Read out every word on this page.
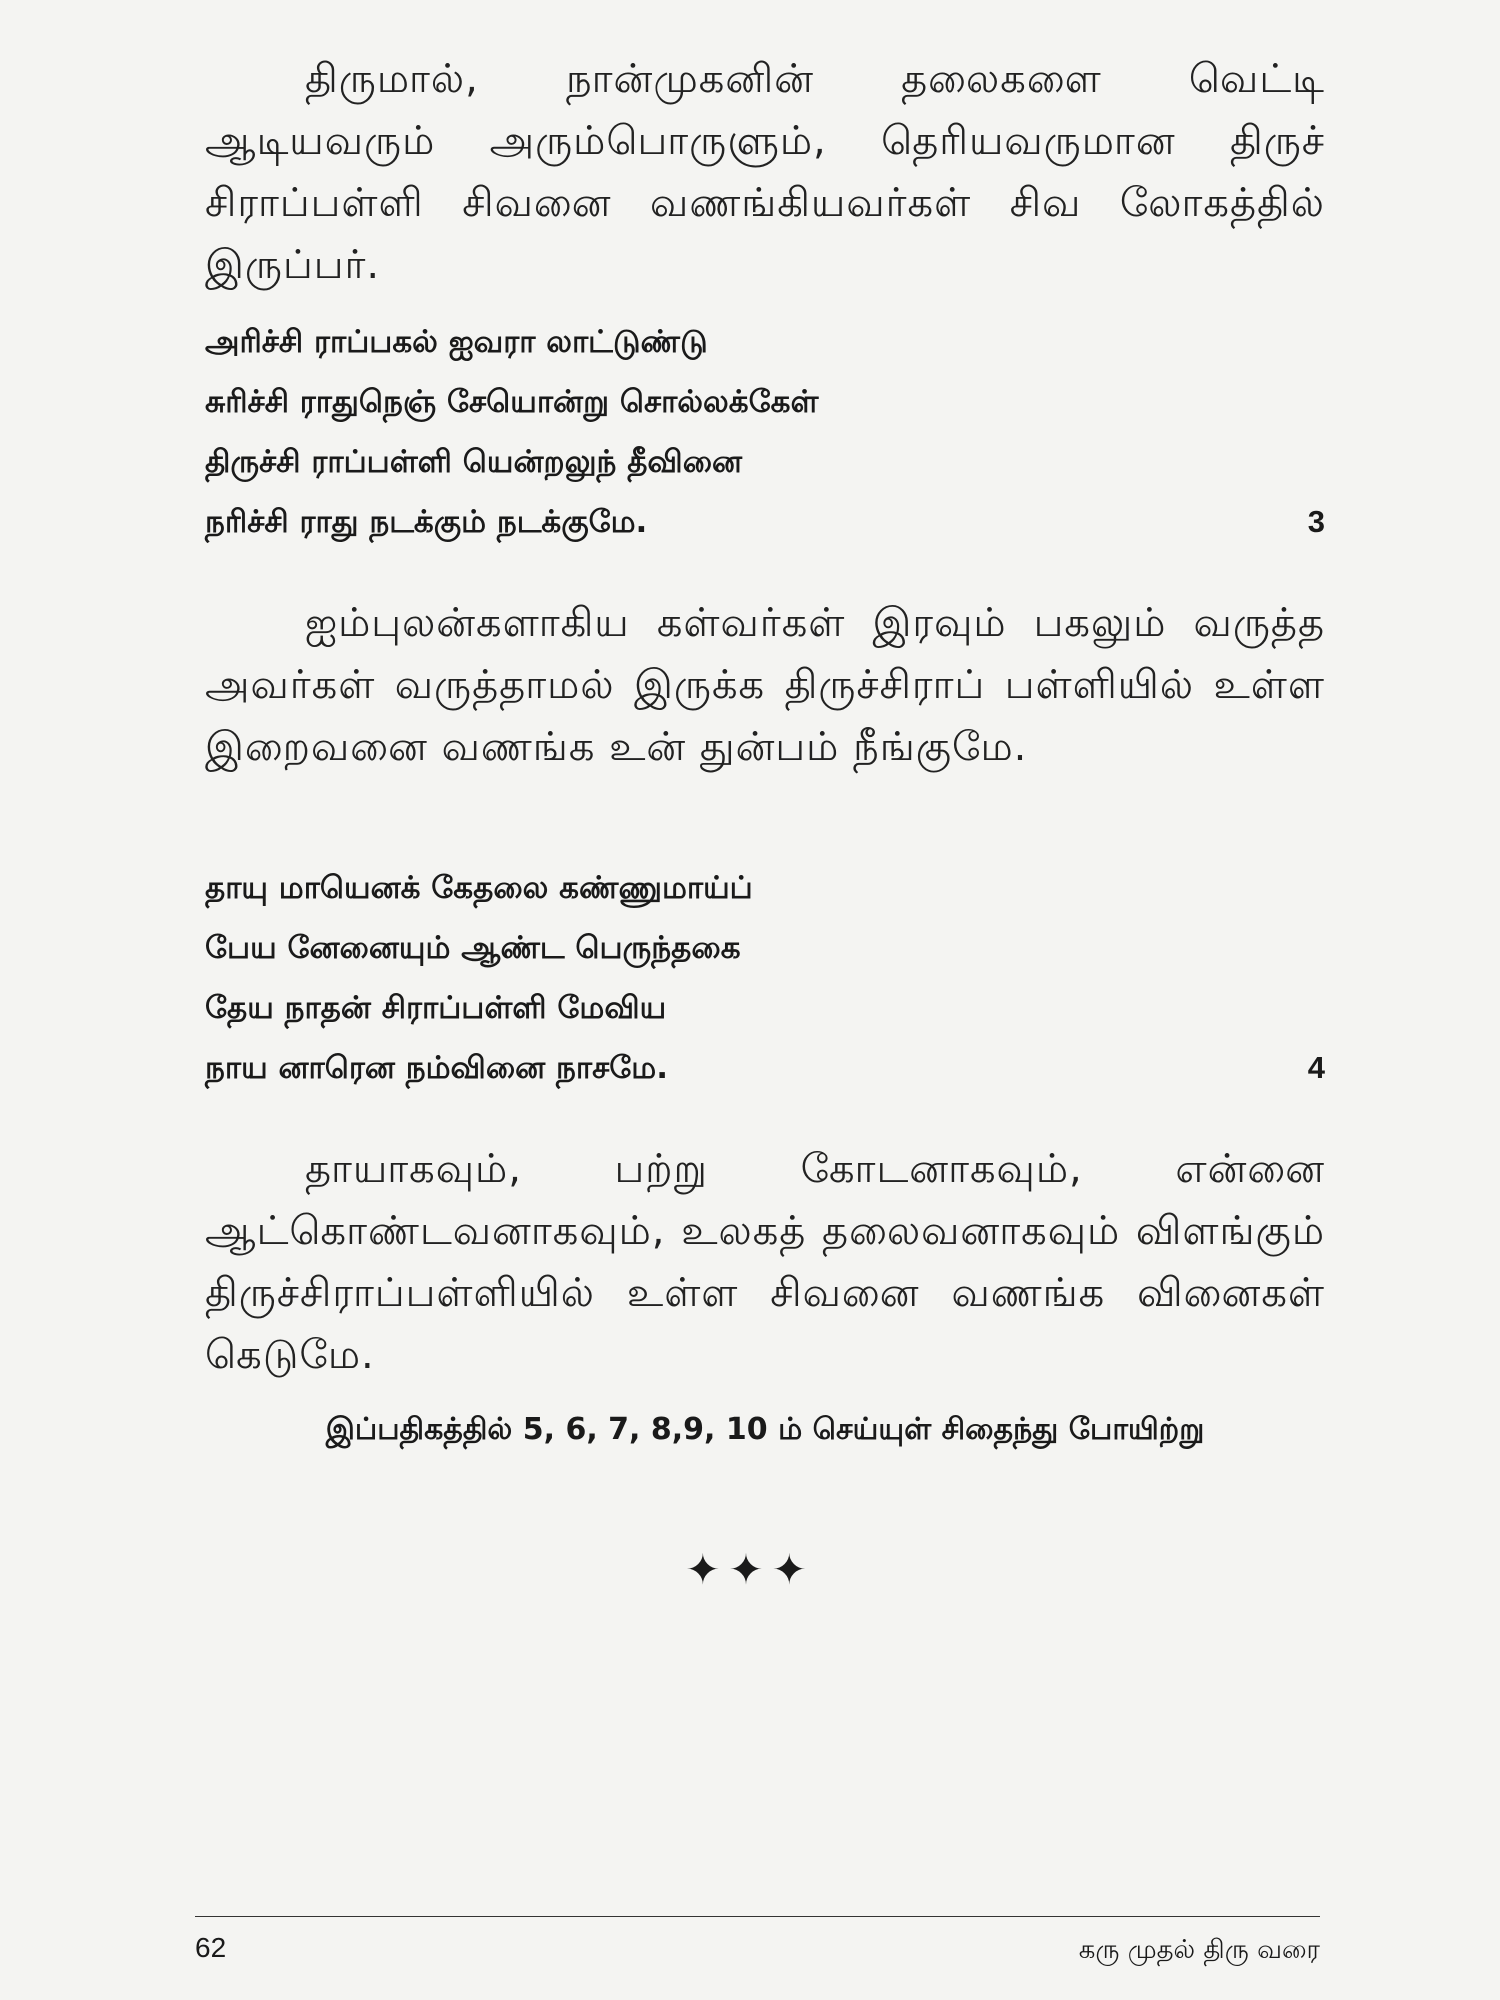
திருமால், நான்முகனின் தலைகளை வெட்டி ஆடியவரும் அரும்பொருளும், தெரியவருமான திருச் சிராப்பள்ளி சிவனை வணங்கியவர்கள் சிவ லோகத்தில் இருப்பர்.

அரிச்சி ராப்பகல் ஐவரா லாட்டுண்டு
சுரிச்சி ராதுநெஞ் சேயொன்று சொல்லக்கேள்
திருச்சி ராப்பள்ளி யென்றலுந் தீவினை
நரிச்சி ராது நடக்கும் நடக்குமே.	3

ஐம்புலன்களாகிய கள்வர்கள் இரவும் பகலும் வருத்த அவர்கள் வருத்தாமல் இருக்க திருச்சிராப் பள்ளியில் உள்ள இறைவனை வணங்க உன் துன்பம் நீங்குமே.

தாயு மாயெனக் கேதலை கண்ணுமாய்ப்
பேய னேனையும் ஆண்ட பெருந்தகை
தேய நாதன் சிராப்பள்ளி மேவிய
நாய னாரென நம்வினை நாசமே.	4

தாயாகவும், பற்று கோடனாகவும், என்னை ஆட்கொண்டவனாகவும், உலகத் தலைவனாகவும் விளங்கும் திருச்சிராப்பள்ளியில் உள்ள சிவனை வணங்க வினைகள் கெடுமே.

இப்பதிகத்தில் 5, 6, 7, 8,9, 10 ம் செய்யுள் சிதைந்து போயிற்று
✦✦✦
62	கரு முதல் திரு வரை
